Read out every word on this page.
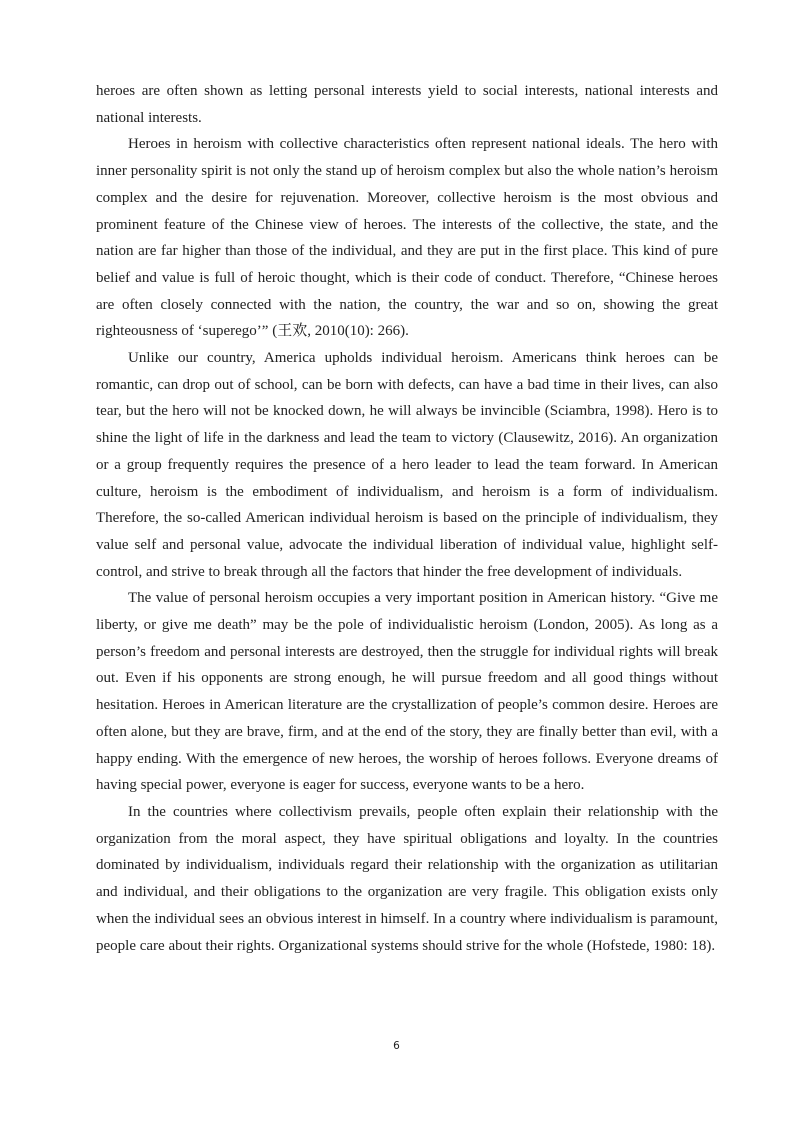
heroes are often shown as letting personal interests yield to social interests, national interests and national interests.

Heroes in heroism with collective characteristics often represent national ideals. The hero with inner personality spirit is not only the stand up of heroism complex but also the whole nation’s heroism complex and the desire for rejuvenation. Moreover, collective heroism is the most obvious and prominent feature of the Chinese view of heroes. The interests of the collective, the state, and the nation are far higher than those of the individual, and they are put in the first place. This kind of pure belief and value is full of heroic thought, which is their code of conduct. Therefore, “Chinese heroes are often closely connected with the nation, the country, the war and so on, showing the great righteousness of ‘superego’” (王欢, 2010(10): 266).

Unlike our country, America upholds individual heroism. Americans think heroes can be romantic, can drop out of school, can be born with defects, can have a bad time in their lives, can also tear, but the hero will not be knocked down, he will always be invincible (Sciambra, 1998). Hero is to shine the light of life in the darkness and lead the team to victory (Clausewitz, 2016). An organization or a group frequently requires the presence of a hero leader to lead the team forward. In American culture, heroism is the embodiment of individualism, and heroism is a form of individualism. Therefore, the so-called American individual heroism is based on the principle of individualism, they value self and personal value, advocate the individual liberation of individual value, highlight self-control, and strive to break through all the factors that hinder the free development of individuals.

The value of personal heroism occupies a very important position in American history. “Give me liberty, or give me death” may be the pole of individualistic heroism (London, 2005). As long as a person’s freedom and personal interests are destroyed, then the struggle for individual rights will break out. Even if his opponents are strong enough, he will pursue freedom and all good things without hesitation. Heroes in American literature are the crystallization of people’s common desire. Heroes are often alone, but they are brave, firm, and at the end of the story, they are finally better than evil, with a happy ending. With the emergence of new heroes, the worship of heroes follows. Everyone dreams of having special power, everyone is eager for success, everyone wants to be a hero.

In the countries where collectivism prevails, people often explain their relationship with the organization from the moral aspect, they have spiritual obligations and loyalty. In the countries dominated by individualism, individuals regard their relationship with the organization as utilitarian and individual, and their obligations to the organization are very fragile. This obligation exists only when the individual sees an obvious interest in himself. In a country where individualism is paramount, people care about their rights. Organizational systems should strive for the whole (Hofstede, 1980: 18).

6
